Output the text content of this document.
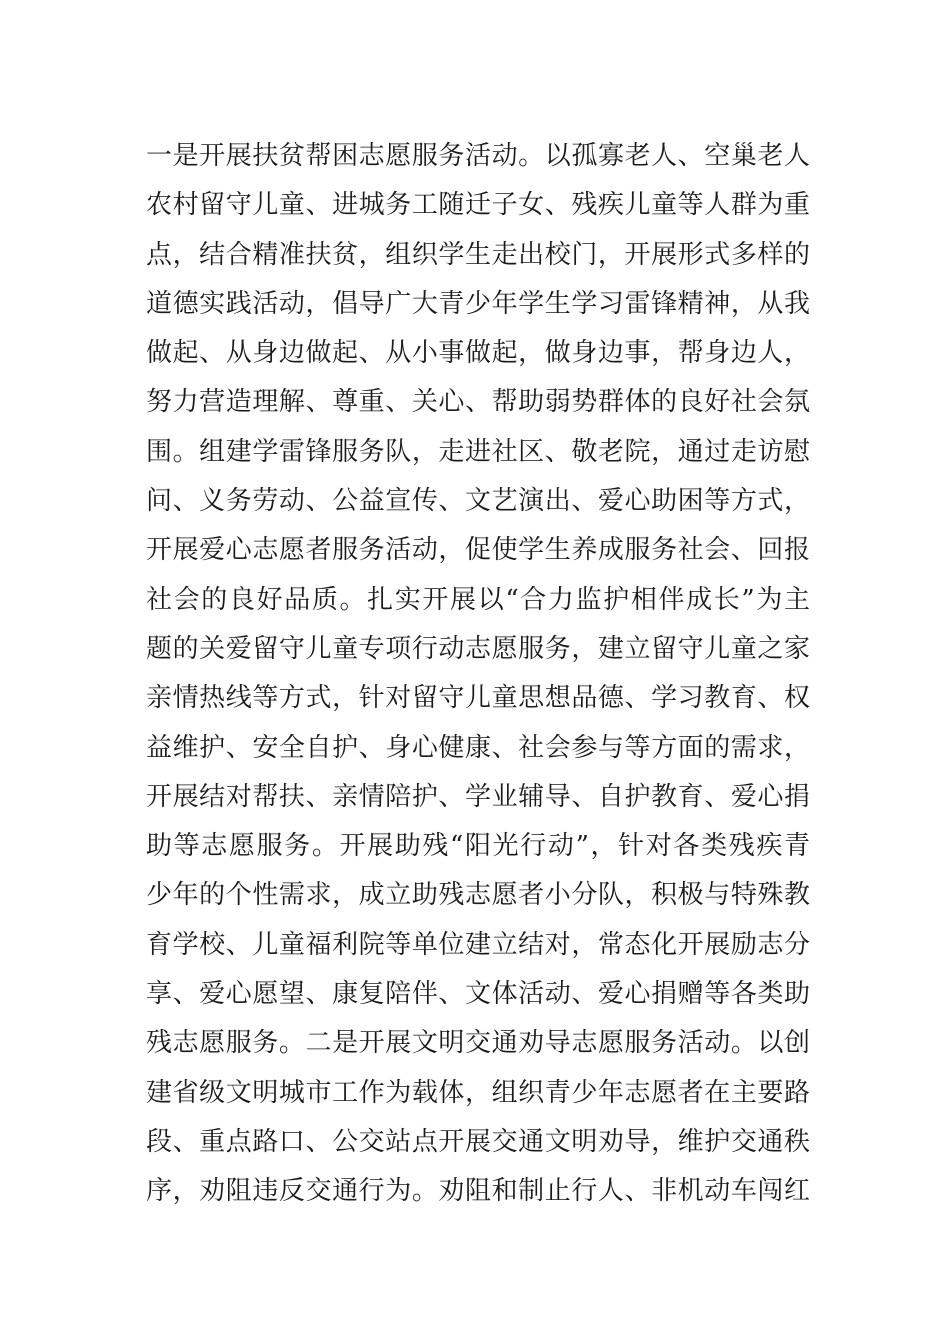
一是开展扶贫帮困志愿服务活动。以孤寡老人、空巢老人
农村留守儿童、进城务工随迁子女、残疾儿童等人群为重
点，结合精准扶贫，组织学生走出校门，开展形式多样的
道德实践活动，倡导广大青少年学生学习雷锋精神，从我
做起、从身边做起、从小事做起，做身边事，帮身边人，
努力营造理解、尊重、关心、帮助弱势群体的良好社会氛
围。组建学雷锋服务队，走进社区、敬老院，通过走访慰
问、义务劳动、公益宣传、文艺演出、爱心助困等方式，
开展爱心志愿者服务活动，促使学生养成服务社会、回报
社会的良好品质。扎实开展以“合力监护相伴成长”为主
题的关爱留守儿童专项行动志愿服务，建立留守儿童之家
亲情热线等方式，针对留守儿童思想品德、学习教育、权
益维护、安全自护、身心健康、社会参与等方面的需求，
开展结对帮扶、亲情陪护、学业辅导、自护教育、爱心捐
助等志愿服务。开展助残“阳光行动”，针对各类残疾青
少年的个性需求，成立助残志愿者小分队，积极与特殊教
育学校、儿童福利院等单位建立结对，常态化开展励志分
享、爱心愿望、康复陪伴、文体活动、爱心捐赠等各类助
残志愿服务。二是开展文明交通劝导志愿服务活动。以创
建省级文明城市工作为载体，组织青少年志愿者在主要路
段、重点路口、公交站点开展交通文明劝导，维护交通秩
序，劝阻违反交通行为。劝阻和制止行人、非机动车闯红
